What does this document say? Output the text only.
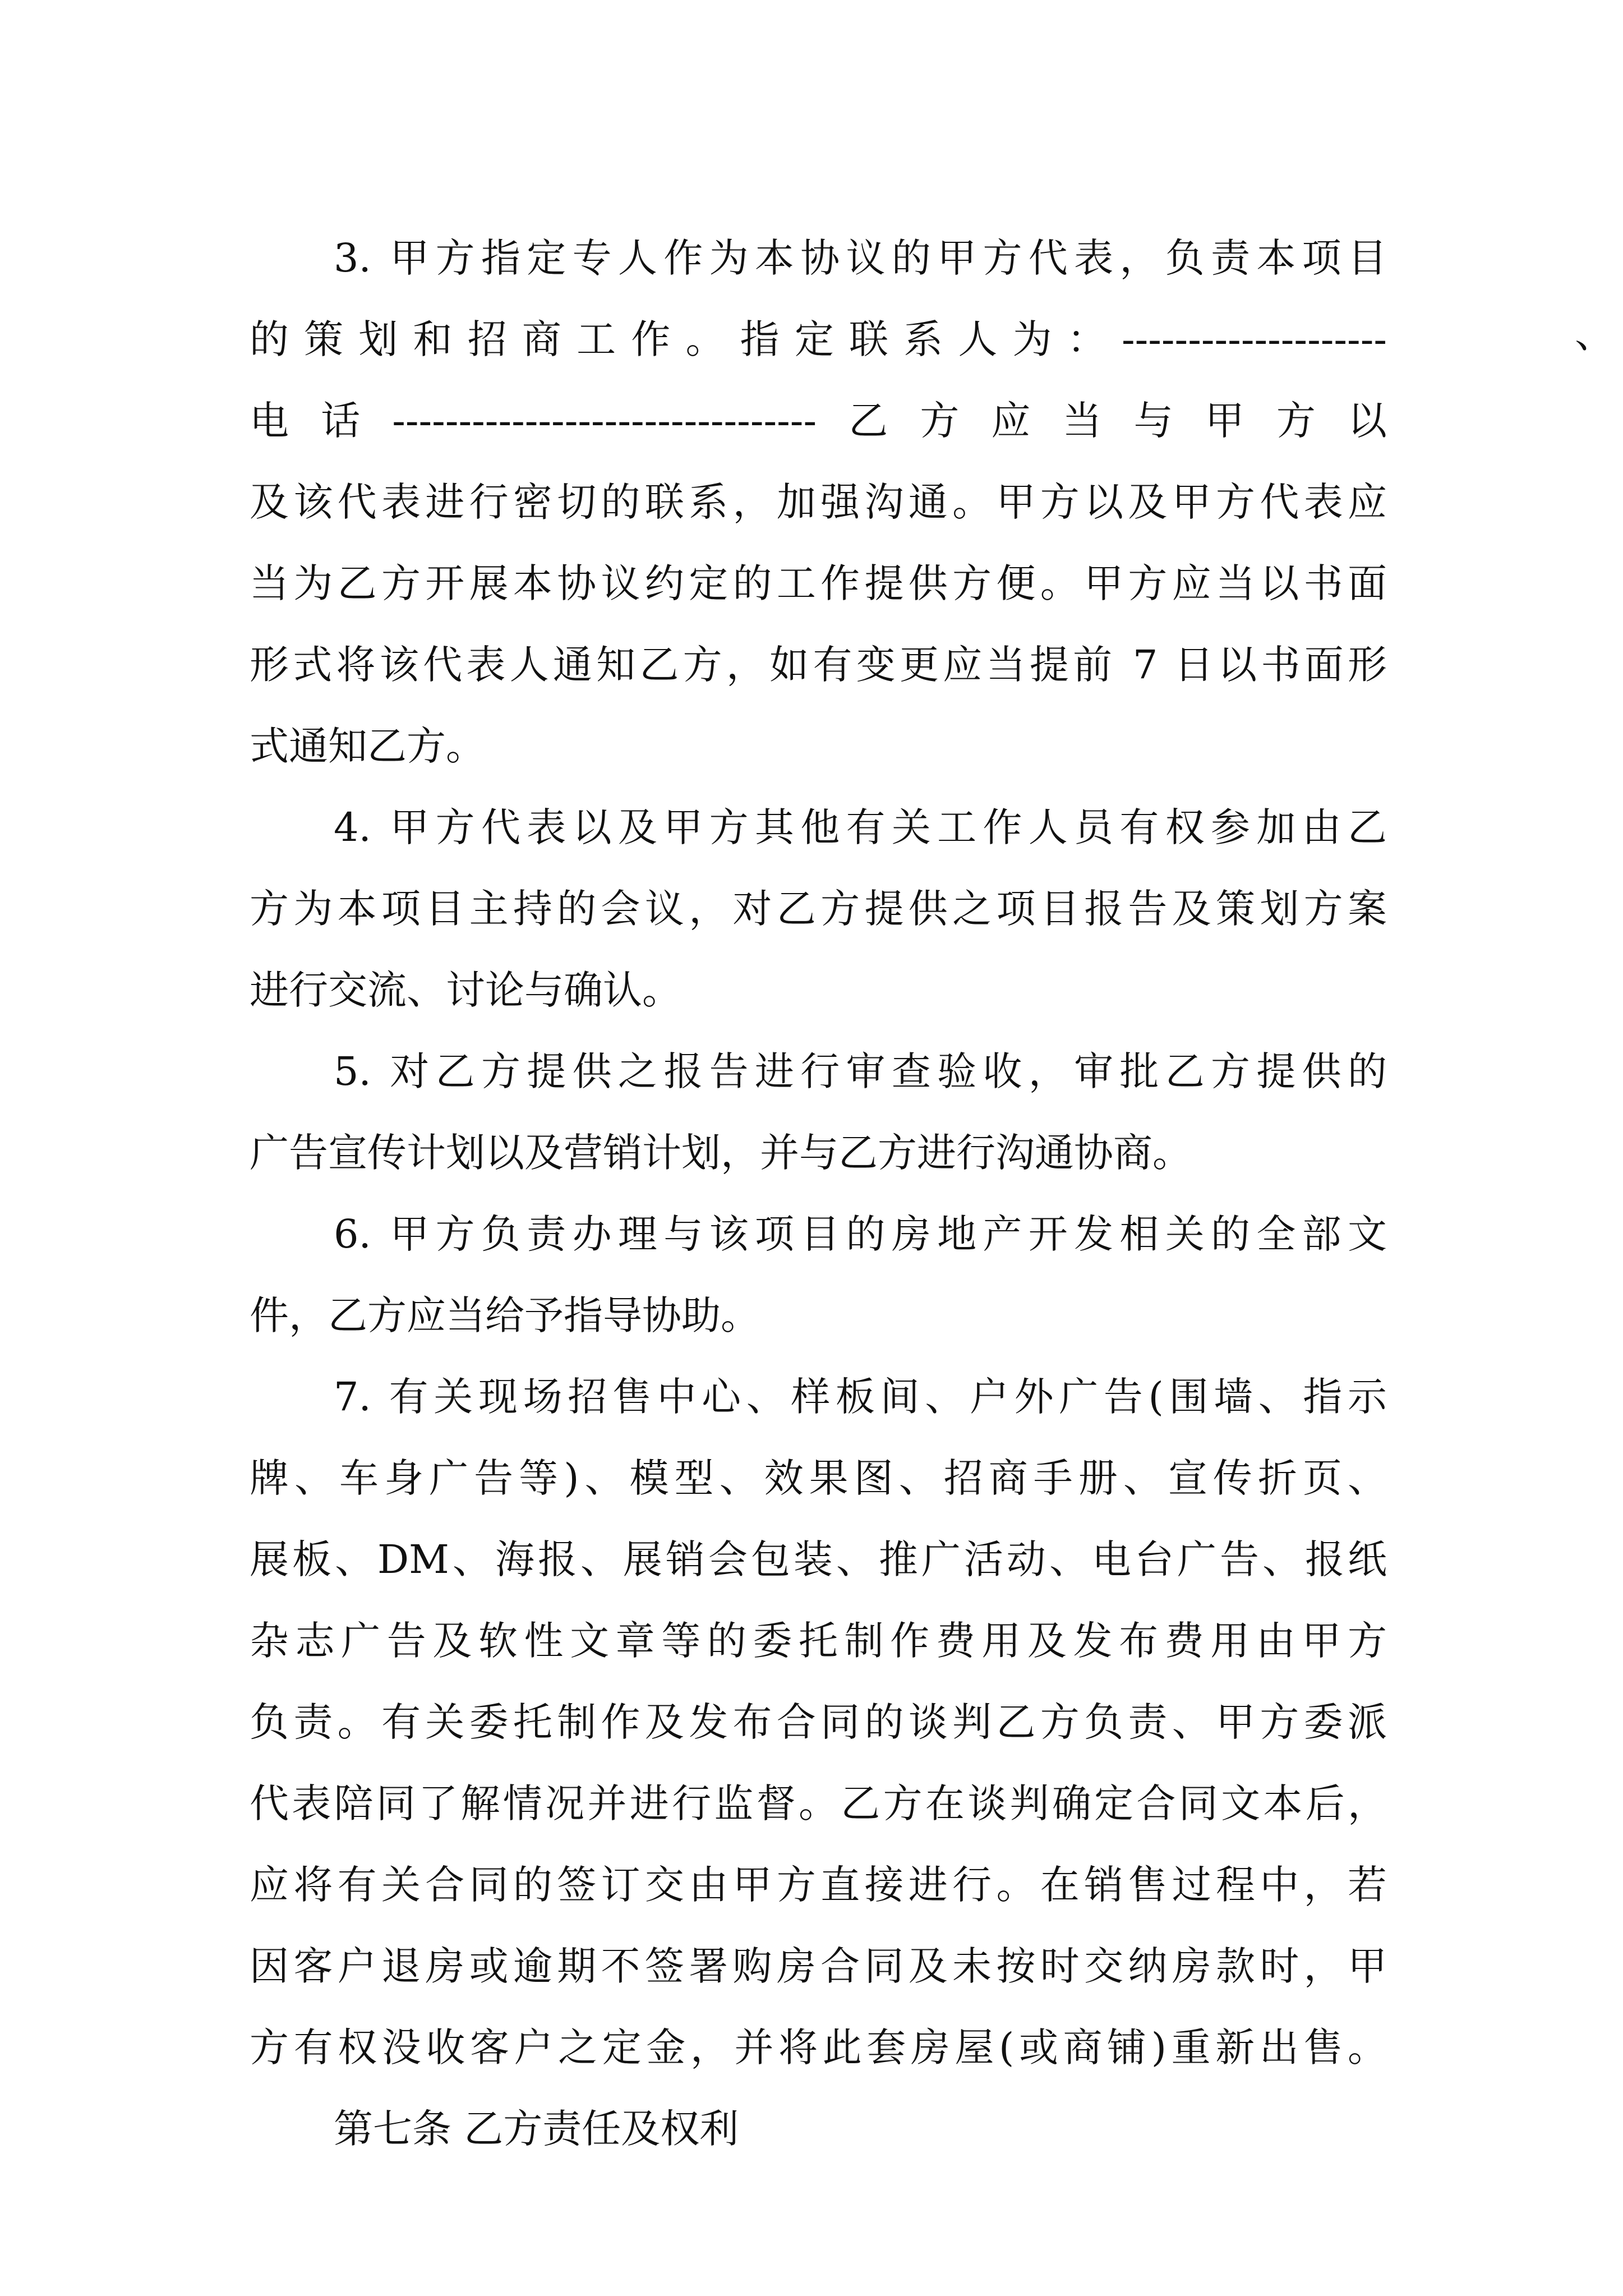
3. 甲方指定专人作为本协议的甲方代表，负责本项目
的策划和招商工作。指定联系人为：--------------------
电话--------------------------------乙方应当与甲方以
及该代表进行密切的联系，加强沟通。甲方以及甲方代表应
当为乙方开展本协议约定的工作提供方便。甲方应当以书面
形式将该代表人通知乙方，如有变更应当提前 7 日以书面形
式通知乙方。

4. 甲方代表以及甲方其他有关工作人员有权参加由乙
方为本项目主持的会议，对乙方提供之项目报告及策划方案
进行交流、讨论与确认。

5. 对乙方提供之报告进行审查验收，审批乙方提供的
广告宣传计划以及营销计划，并与乙方进行沟通协商。

6. 甲方负责办理与该项目的房地产开发相关的全部文
件，乙方应当给予指导协助。

7. 有关现场招售中心、样板间、户外广告(围墙、指示
牌、车身广告等)、模型、效果图、招商手册、宣传折页、
展板、DM、海报、展销会包装、推广活动、电台广告、报纸
杂志广告及软性文章等的委托制作费用及发布费用由甲方
负责。有关委托制作及发布合同的谈判乙方负责、甲方委派
代表陪同了解情况并进行监督。乙方在谈判确定合同文本后，
应将有关合同的签订交由甲方直接进行。在销售过程中，若
因客户退房或逾期不签署购房合同及未按时交纳房款时，甲
方有权没收客户之定金，并将此套房屋(或商铺)重新出售。

第七条 乙方责任及权利

、
